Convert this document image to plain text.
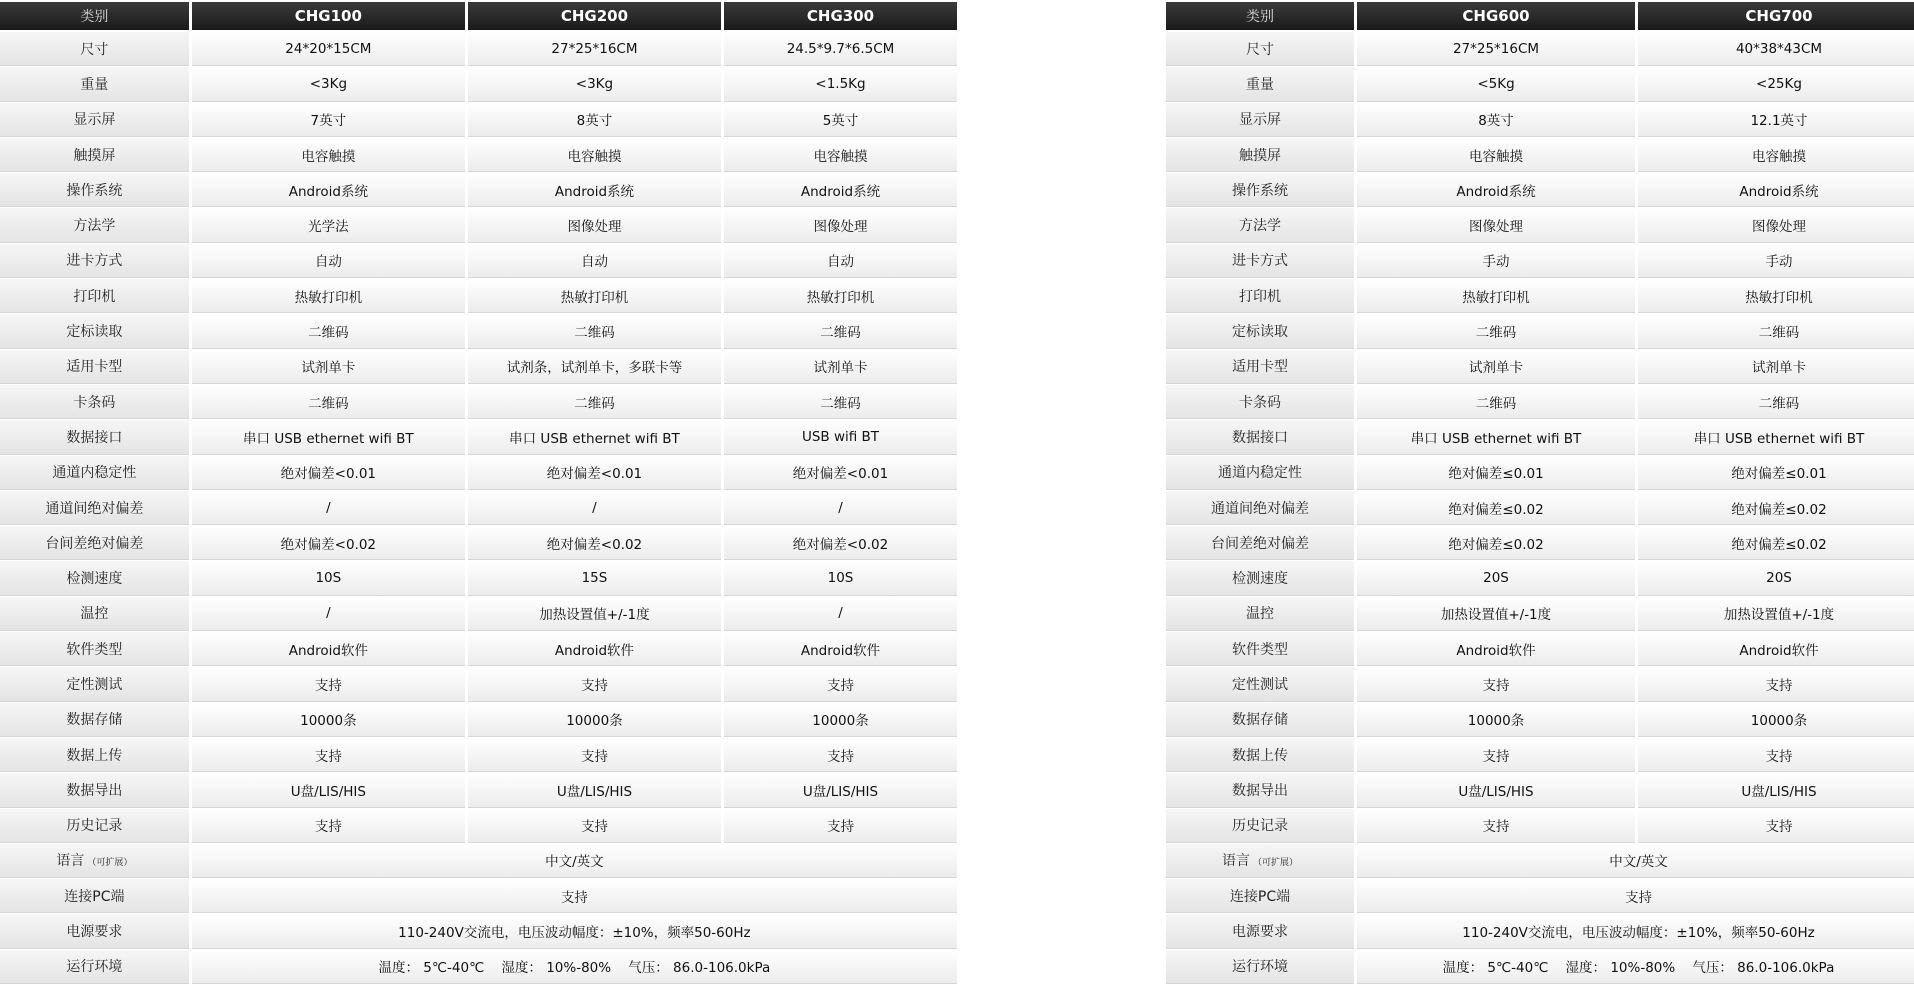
类别	CHG100	CHG200	CHG300
尺寸	24*20*15CM	27*25*16CM	24.5*9.7*6.5CM
重量	<3Kg	<3Kg	<1.5Kg
显示屏	7英寸	8英寸	5英寸
触摸屏	电容触摸	电容触摸	电容触摸
操作系统	Android系统	Android系统	Android系统
方法学	光学法	图像处理	图像处理
进卡方式	自动	自动	自动
打印机	热敏打印机	热敏打印机	热敏打印机
定标读取	二维码	二维码	二维码
适用卡型	试剂单卡	试剂条，试剂单卡，多联卡等	试剂单卡
卡条码	二维码	二维码	二维码
数据接口	串口 USB ethernet wifi BT	串口 USB ethernet wifi BT	USB wifi BT
通道内稳定性	绝对偏差<0.01	绝对偏差<0.01	绝对偏差<0.01
通道间绝对偏差	/	/	/
台间差绝对偏差	绝对偏差<0.02	绝对偏差<0.02	绝对偏差<0.02
检测速度	10S	15S	10S
温控	/	加热设置值+/-1度	/
软件类型	Android软件	Android软件	Android软件
定性测试	支持	支持	支持
数据存储	10000条	10000条	10000条
数据上传	支持	支持	支持
数据导出	U盘/LIS/HIS	U盘/LIS/HIS	U盘/LIS/HIS
历史记录	支持	支持	支持
语言 （可扩展）	中文/英文		
连接PC端	支持		
电源要求	110-240V交流电，电压波动幅度：±10%，频率50-60Hz		
运行环境	温度： 5℃-40℃    湿度： 10%-80%    气压： 86.0-106.0kPa		
类别	CHG600	CHG700
尺寸	27*25*16CM	40*38*43CM
重量	<5Kg	<25Kg
显示屏	8英寸	12.1英寸
触摸屏	电容触摸	电容触摸
操作系统	Android系统	Android系统
方法学	图像处理	图像处理
进卡方式	手动	手动
打印机	热敏打印机	热敏打印机
定标读取	二维码	二维码
适用卡型	试剂单卡	试剂单卡
卡条码	二维码	二维码
数据接口	串口 USB ethernet wifi BT	串口 USB ethernet wifi BT
通道内稳定性	绝对偏差≤0.01	绝对偏差≤0.01
通道间绝对偏差	绝对偏差≤0.02	绝对偏差≤0.02
台间差绝对偏差	绝对偏差≤0.02	绝对偏差≤0.02
检测速度	20S	20S
温控	加热设置值+/-1度	加热设置值+/-1度
软件类型	Android软件	Android软件
定性测试	支持	支持
数据存储	10000条	10000条
数据上传	支持	支持
数据导出	U盘/LIS/HIS	U盘/LIS/HIS
历史记录	支持	支持
语言 （可扩展）	中文/英文	
连接PC端	支持	
电源要求	110-240V交流电，电压波动幅度：±10%，频率50-60Hz	
运行环境	温度： 5℃-40℃    湿度： 10%-80%    气压： 86.0-106.0kPa	
